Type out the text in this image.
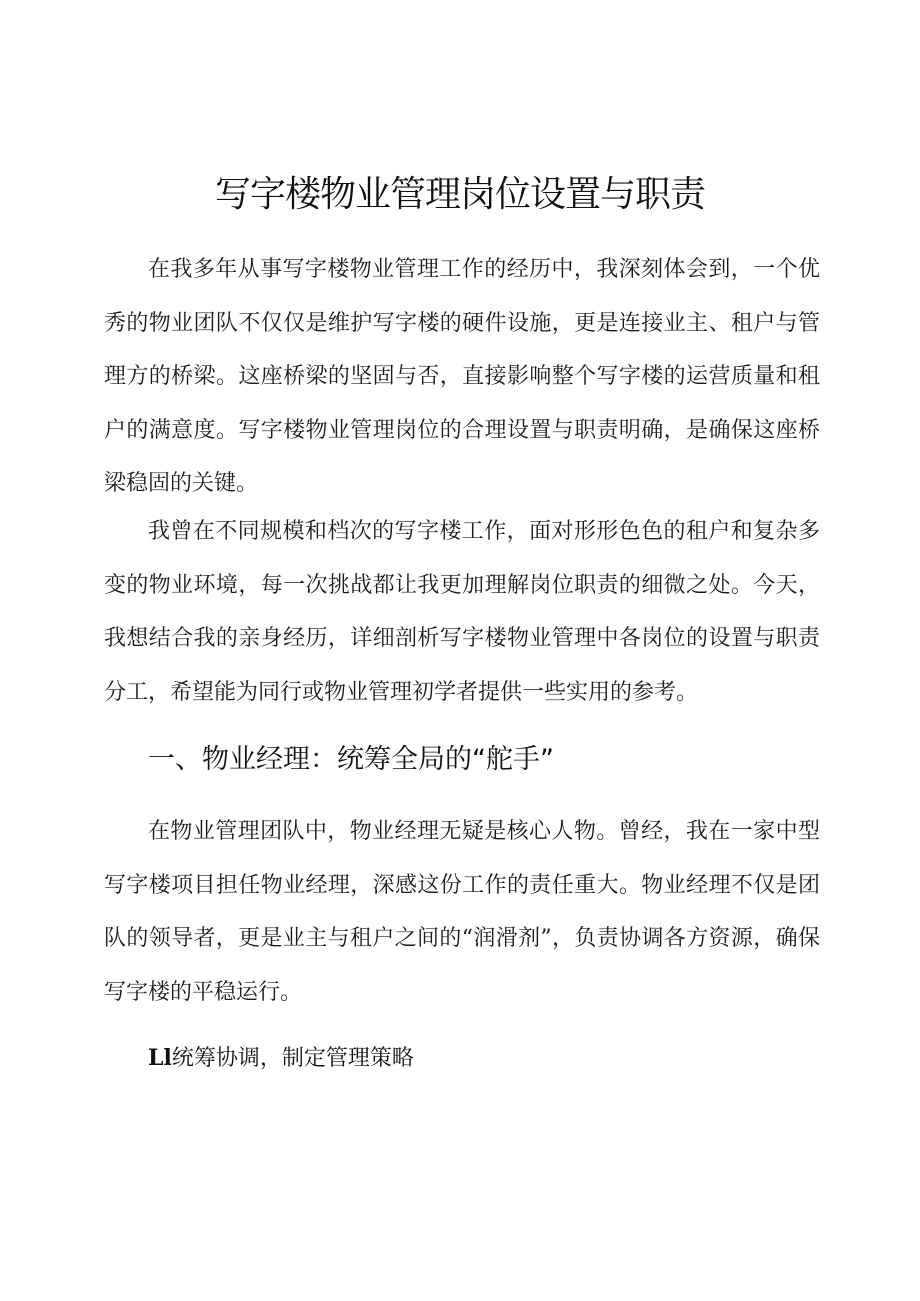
写字楼物业管理岗位设置与职责

在我多年从事写字楼物业管理工作的经历中，我深刻体会到，一个优秀的物业团队不仅仅是维护写字楼的硬件设施，更是连接业主、租户与管理方的桥梁。这座桥梁的坚固与否，直接影响整个写字楼的运营质量和租户的满意度。写字楼物业管理岗位的合理设置与职责明确，是确保这座桥梁稳固的关键。

我曾在不同规模和档次的写字楼工作，面对形形色色的租户和复杂多变的物业环境，每一次挑战都让我更加理解岗位职责的细微之处。今天，我想结合我的亲身经历，详细剖析写字楼物业管理中各岗位的设置与职责分工，希望能为同行或物业管理初学者提供一些实用的参考。

一、物业经理：统筹全局的“舵手”

在物业管理团队中，物业经理无疑是核心人物。曾经，我在一家中型写字楼项目担任物业经理，深感这份工作的责任重大。物业经理不仅是团队的领导者，更是业主与租户之间的“润滑剂”，负责协调各方资源，确保写字楼的平稳运行。

Ll统筹协调，制定管理策略
